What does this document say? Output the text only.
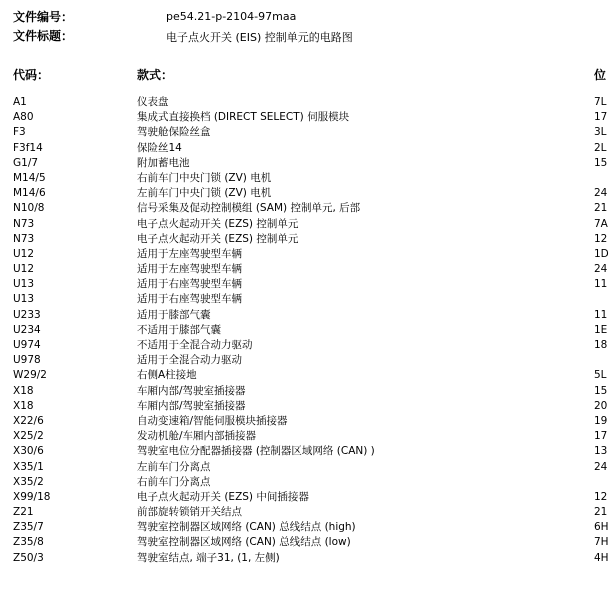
文件编号：	pe54.21-p-2104-97maa
文件标题：	电子点火开关 (EIS) 控制单元的电路图
代码：	款式：	位
A1	仪表盘	7L
A80	集成式直接换档 (DIRECT SELECT) 伺服模块	17
F3	驾驶舱保险丝盒	3L
F3f14	保险丝14	2L
G1/7	附加蓄电池	15
M14/5	右前车门中央门锁 (ZV) 电机
M14/6	左前车门中央门锁 (ZV) 电机	24
N10/8	信号采集及促动控制模组 (SAM) 控制单元, 后部	21
N73	电子点火起动开关 (EZS) 控制单元	7A
N73	电子点火起动开关 (EZS) 控制单元	12
U12	适用于左座驾驶型车辆	1D
U12	适用于左座驾驶型车辆	24
U13	适用于右座驾驶型车辆	11
U13	适用于右座驾驶型车辆
U233	适用于膝部气囊	11
U234	不适用于膝部气囊	1E
U974	不适用于全混合动力驱动	18
U978	适用于全混合动力驱动
W29/2	右侧A柱接地	5L
X18	车厢内部/驾驶室插接器	15
X18	车厢内部/驾驶室插接器	20
X22/6	自动变速箱/智能伺服模块插接器	19
X25/2	发动机舱/车厢内部插接器	17
X30/6	驾驶室电位分配器插接器 (控制器区域网络 (CAN) )	13
X35/1	左前车门分离点	24
X35/2	右前车门分离点
X99/18	电子点火起动开关 (EZS) 中间插接器	12
Z21	前部旋转锁销开关结点	21
Z35/7	驾驶室控制器区域网络 (CAN) 总线结点 (high)	6H
Z35/8	驾驶室控制器区域网络 (CAN) 总线结点 (low)	7H
Z50/3	驾驶室结点, 端子31, (1, 左侧)	4H
